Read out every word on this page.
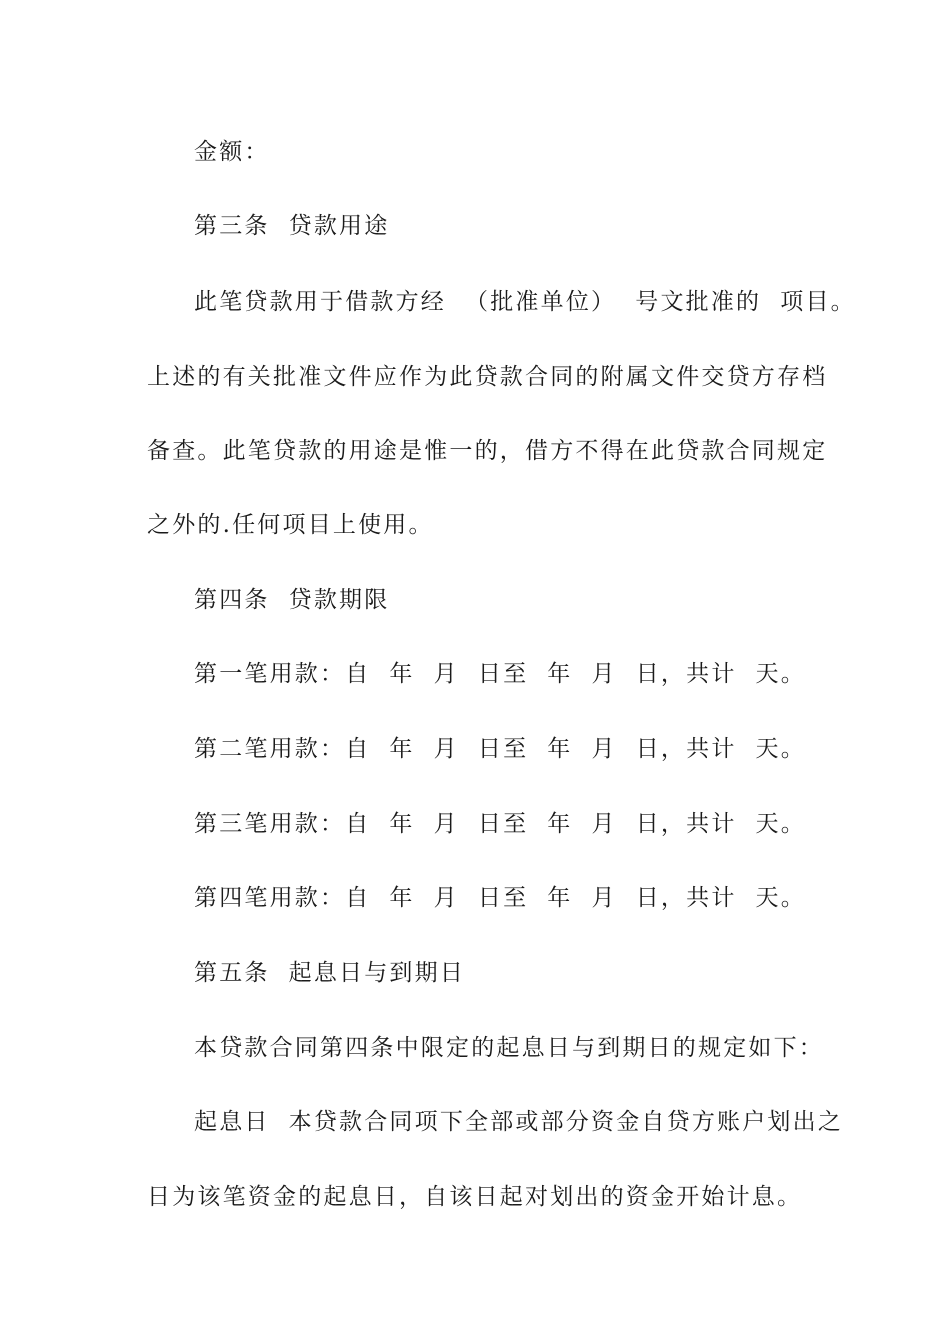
金额：
第三条  贷款用途
此笔贷款用于借款方经  （批准单位）  号文批准的  项目。
上述的有关批准文件应作为此贷款合同的附属文件交贷方存档
备查。此笔贷款的用途是惟一的，借方不得在此贷款合同规定
之外的.任何项目上使用。
第四条  贷款期限
第一笔用款：自  年  月  日至  年  月  日，共计  天。
第二笔用款：自  年  月  日至  年  月  日，共计  天。
第三笔用款：自  年  月  日至  年  月  日，共计  天。
第四笔用款：自  年  月  日至  年  月  日，共计  天。
第五条  起息日与到期日
本贷款合同第四条中限定的起息日与到期日的规定如下：
起息日  本贷款合同项下全部或部分资金自贷方账户划出之
日为该笔资金的起息日，自该日起对划出的资金开始计息。
